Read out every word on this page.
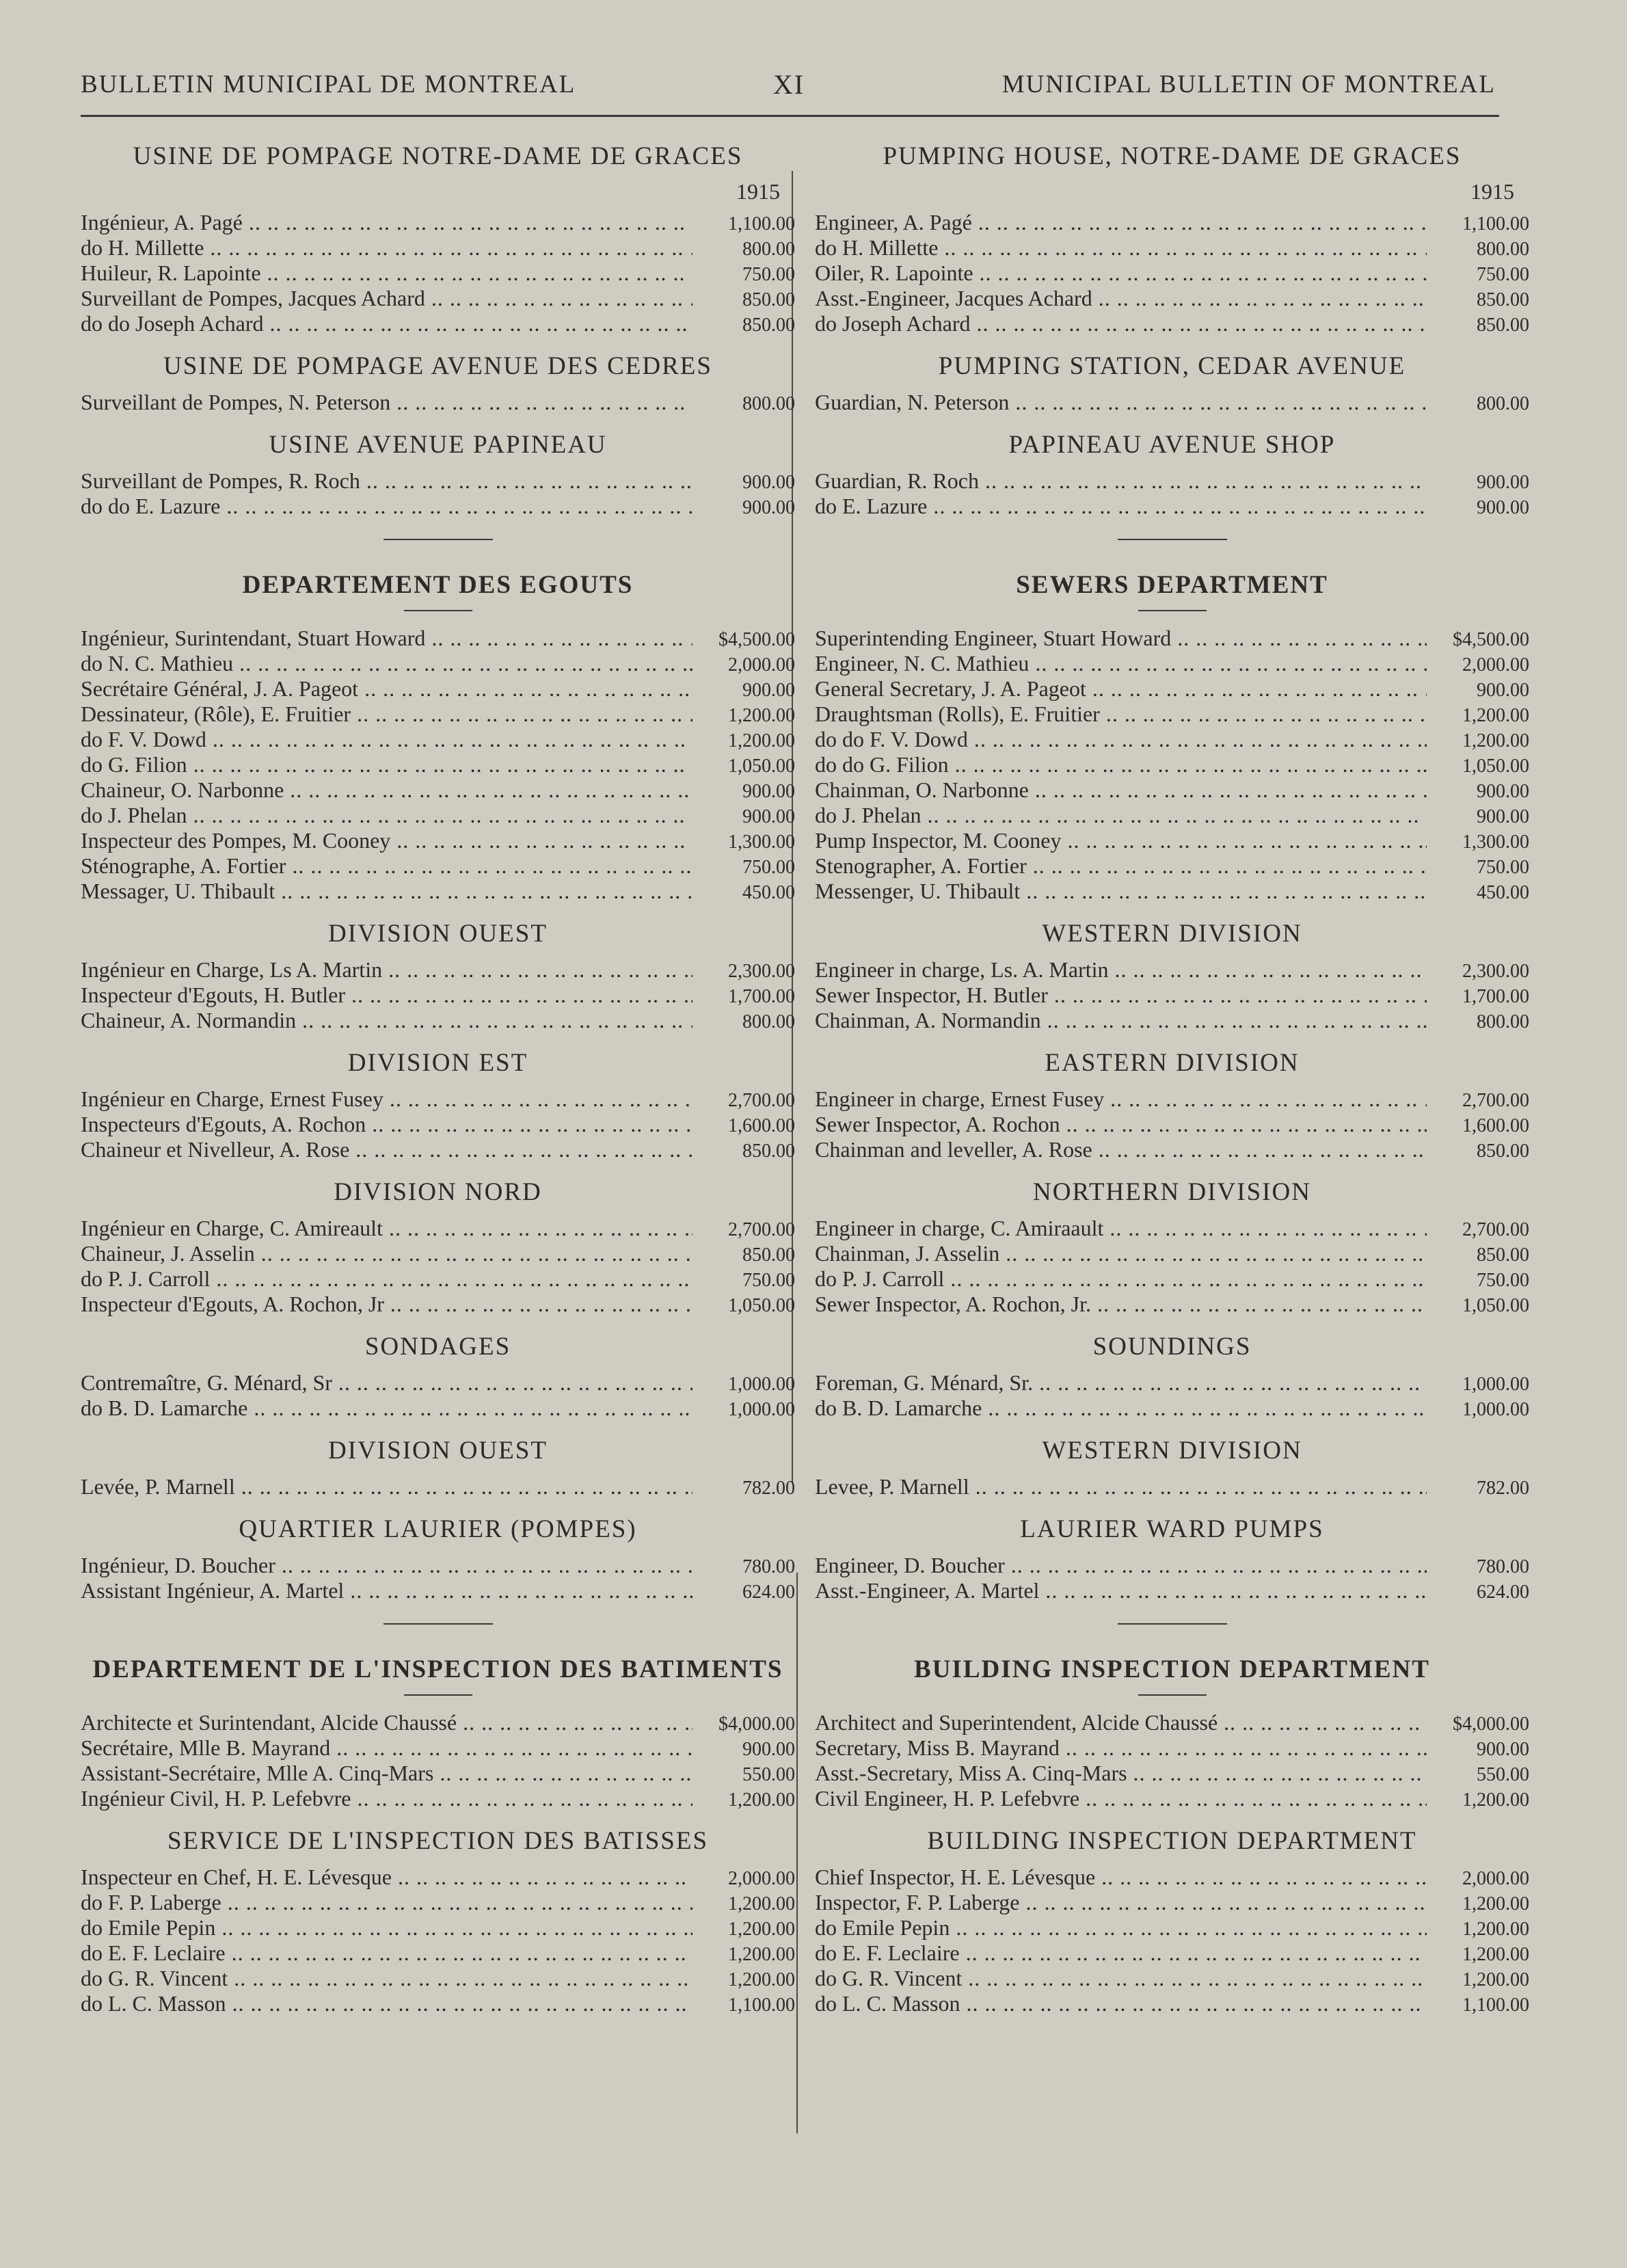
BULLETIN MUNICIPAL DE MONTREAL	XI	MUNICIPAL BULLETIN OF MONTREAL
USINE DE POMPAGE NOTRE-DAME DE GRACES
1915
Ingénieur, A. Pagé .. ..	1,100.00
do H. Millette .. ..	800.00
Huileur, R. Lapointe .. ..	750.00
Surveillant de Pompes, Jacques Achard .. ..	850.00
do do Joseph Achard .. ..	850.00
USINE DE POMPAGE AVENUE DES CEDRES
Surveillant de Pompes, N. Peterson .. ..	800.00
USINE AVENUE PAPINEAU
Surveillant de Pompes, R. Roch .. ..	900.00
do do E. Lazure .. ..	900.00
DEPARTEMENT DES EGOUTS
Ingénieur, Surintendant, Stuart Howard .. ..	$4,500.00
do N. C. Mathieu .. ..	2,000.00
Secrétaire Général, J. A. Pageot .. ..	900.00
Dessinateur, (Rôle), E. Fruitier .. ..	1,200.00
do F. V. Dowd .. ..	1,200.00
do G. Filion .. ..	1,050.00
Chaineur, O. Narbonne .. ..	900.00
do J. Phelan .. ..	900.00
Inspecteur des Pompes, M. Cooney .. ..	1,300.00
Sténographe, A. Fortier .. ..	750.00
Messager, U. Thibault .. ..	450.00
DIVISION OUEST
Ingénieur en Charge, Ls A. Martin .. ..	2,300.00
Inspecteur d'Egouts, H. Butler .. ..	1,700.00
Chaineur, A. Normandin .. ..	800.00
DIVISION EST
Ingénieur en Charge, Ernest Fusey .. ..	2,700.00
Inspecteurs d'Egouts, A. Rochon .. ..	1,600.00
Chaineur et Nivelleur, A. Rose .. ..	850.00
DIVISION NORD
Ingénieur en Charge, C. Amireault .. ..	2,700.00
Chaineur, J. Asselin .. ..	850.00
do P. J. Carroll .. ..	750.00
Inspecteur d'Egouts, A. Rochon, Jr .. ..	1,050.00
SONDAGES
Contremaître, G. Ménard, Sr .. ..	1,000.00
do B. D. Lamarche .. ..	1,000.00
DIVISION OUEST
Levée, P. Marnell .. ..	782.00
QUARTIER LAURIER (POMPES)
Ingénieur, D. Boucher .. ..	780.00
Assistant Ingénieur, A. Martel .. ..	624.00
DEPARTEMENT DE L'INSPECTION DES BATIMENTS
Architecte et Surintendant, Alcide Chaussé .. ..	$4,000.00
Secrétaire, Mlle B. Mayrand .. ..	900.00
Assistant-Secrétaire, Mlle A. Cinq-Mars .. ..	550.00
Ingénieur Civil, H. P. Lefebvre .. ..	1,200.00
SERVICE DE L'INSPECTION DES BATISSES
Inspecteur en Chef, H. E. Lévesque .. ..	2,000.00
do F. P. Laberge .. ..	1,200.00
do Emile Pepin .. ..	1,200.00
do E. F. Leclaire .. ..	1,200.00
do G. R. Vincent .. ..	1,200.00
do L. C. Masson .. ..	1,100.00
PUMPING HOUSE, NOTRE-DAME DE GRACES
1915
Engineer, A. Pagé .. ..	1,100.00
do H. Millette .. ..	800.00
Oiler, R. Lapointe .. ..	750.00
Asst.-Engineer, Jacques Achard .. ..	850.00
do Joseph Achard .. ..	850.00
PUMPING STATION, CEDAR AVENUE
Guardian, N. Peterson .. ..	800.00
PAPINEAU AVENUE SHOP
Guardian, R. Roch .. ..	900.00
do E. Lazure .. ..	900.00
SEWERS DEPARTMENT
Superintending Engineer, Stuart Howard .. ..	$4,500.00
Engineer, N. C. Mathieu .. ..	2,000.00
General Secretary, J. A. Pageot .. ..	900.00
Draughtsman (Rolls), E. Fruitier .. ..	1,200.00
do do F. V. Dowd .. ..	1,200.00
do do G. Filion .. ..	1,050.00
Chainman, O. Narbonne .. ..	900.00
do J. Phelan .. ..	900.00
Pump Inspector, M. Cooney .. ..	1,300.00
Stenographer, A. Fortier .. ..	750.00
Messenger, U. Thibault .. ..	450.00
WESTERN DIVISION
Engineer in charge, Ls. A. Martin .. ..	2,300.00
Sewer Inspector, H. Butler .. ..	1,700.00
Chainman, A. Normandin .. ..	800.00
EASTERN DIVISION
Engineer in charge, Ernest Fusey .. ..	2,700.00
Sewer Inspector, A. Rochon .. ..	1,600.00
Chainman and leveller, A. Rose .. ..	850.00
NORTHERN DIVISION
Engineer in charge, C. Amiraault .. ..	2,700.00
Chainman, J. Asselin .. ..	850.00
do P. J. Carroll .. ..	750.00
Sewer Inspector, A. Rochon, Jr. .. ..	1,050.00
SOUNDINGS
Foreman, G. Ménard, Sr. .. ..	1,000.00
do B. D. Lamarche .. ..	1,000.00
WESTERN DIVISION
Levee, P. Marnell .. ..	782.00
LAURIER WARD PUMPS
Engineer, D. Boucher .. ..	780.00
Asst.-Engineer, A. Martel .. ..	624.00
BUILDING INSPECTION DEPARTMENT
Architect and Superintendent, Alcide Chaussé .. ..	$4,000.00
Secretary, Miss B. Mayrand .. ..	900.00
Asst.-Secretary, Miss A. Cinq-Mars .. ..	550.00
Civil Engineer, H. P. Lefebvre .. ..	1,200.00
BUILDING INSPECTION DEPARTMENT
Chief Inspector, H. E. Lévesque .. ..	2,000.00
Inspector, F. P. Laberge .. ..	1,200.00
do Emile Pepin .. ..	1,200.00
do E. F. Leclaire .. ..	1,200.00
do G. R. Vincent .. ..	1,200.00
do L. C. Masson .. ..	1,100.00
